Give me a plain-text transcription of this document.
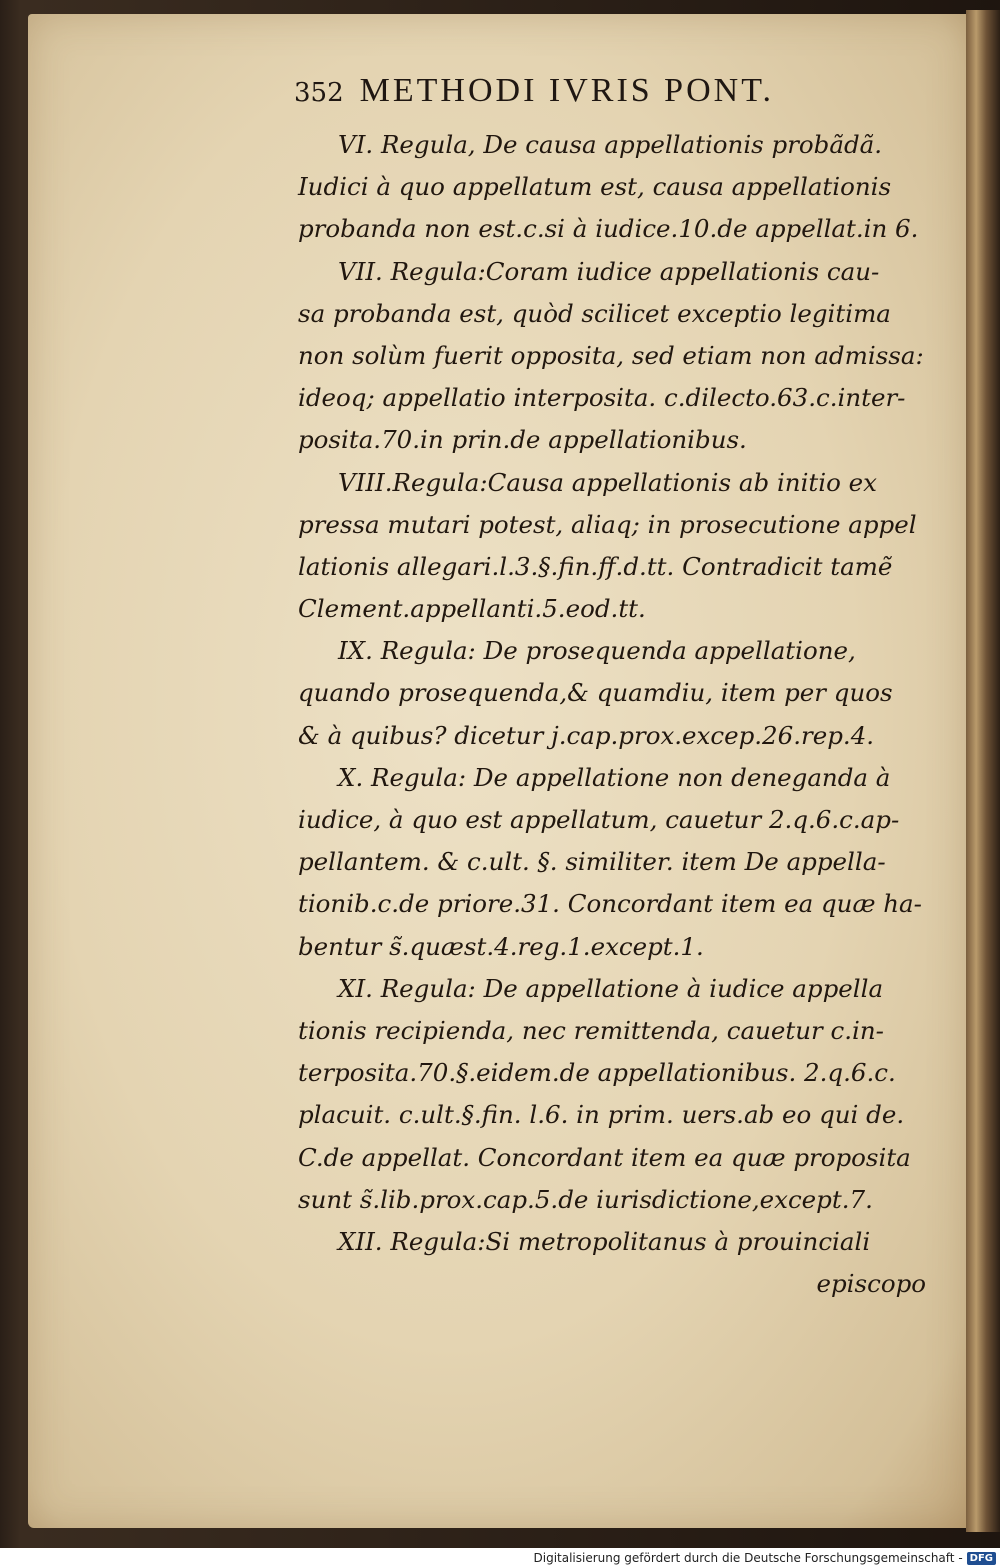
352 METHODI IVRIS PONT.
VI. Regula, De causa appellationis probãdã.
Iudici à quo appellatum est, causa appellationis
probanda non est.c.si à iudice.10.de appellat.in 6.
VII. Regula:Coram iudice appellationis cau-
sa probanda est, quòd scilicet exceptio legitima
non solùm fuerit opposita, sed etiam non admissa:
ideoq; appellatio interposita. c.dilecto.63.c.inter-
posita.70.in prin.de appellationibus.
VIII.Regula:Causa appellationis ab initio ex
pressa mutari potest, aliaq; in prosecutione appel
lationis allegari.l.3.§.fin.ff.d.tt. Contradicit tamẽ
Clement.appellanti.5.eod.tt.
IX. Regula: De prosequenda appellatione,
quando prosequenda,& quamdiu, item per quos
& à quibus? dicetur j.cap.prox.excep.26.rep.4.
X. Regula: De appellatione non deneganda à
iudice, à quo est appellatum, cauetur 2.q.6.c.ap-
pellantem. & c.ult. §. similiter. item De appella-
tionib.c.de priore.31. Concordant item ea quæ ha-
bentur s̃.quæst.4.reg.1.except.1.
XI. Regula: De appellatione à iudice appella
tionis recipienda, nec remittenda, cauetur c.in-
terposita.70.§.eidem.de appellationibus. 2.q.6.c.
placuit. c.ult.§.fin. l.6. in prim. uers.ab eo qui de.
C.de appellat. Concordant item ea quæ proposita
sunt s̃.lib.prox.cap.5.de iurisdictione,except.7.
XII. Regula:Si metropolitanus à prouinciali
episcopo
Digitalisierung gefördert durch die Deutsche Forschungsgemeinschaft - DFG
